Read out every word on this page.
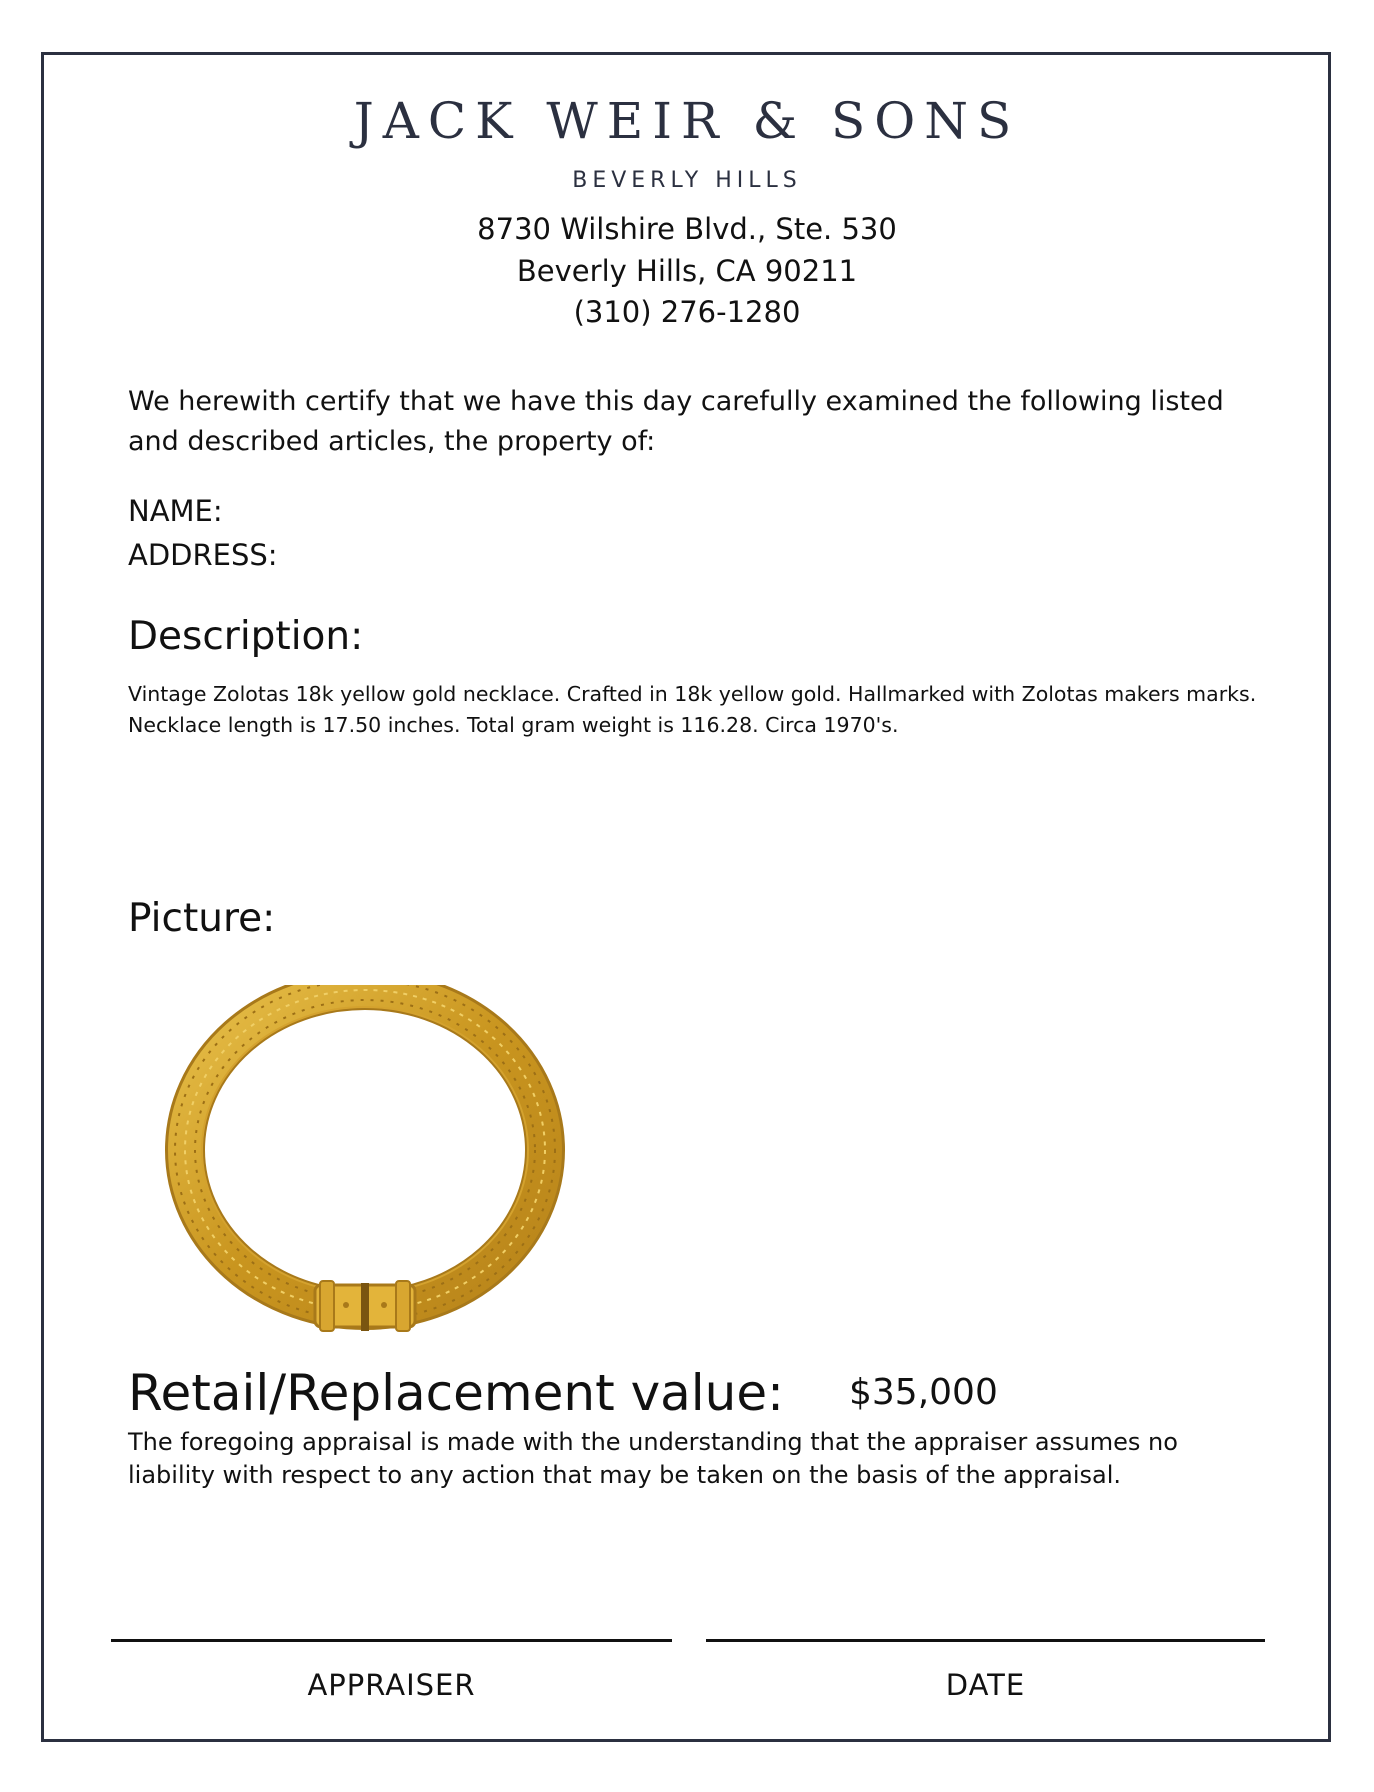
JACK WEIR & SONS
BEVERLY HILLS
8730 Wilshire Blvd., Ste. 530
Beverly Hills, CA 90211
(310) 276-1280
We herewith certify that we have this day carefully examined the following listed and described articles, the property of:
NAME:
ADDRESS:
Description:
Vintage Zolotas 18k yellow gold necklace. Crafted in 18k yellow gold. Hallmarked with Zolotas makers marks. Necklace length is 17.50 inches. Total gram weight is 116.28. Circa 1970's.
Picture:
Retail/Replacement value: $35,000
The foregoing appraisal is made with the understanding that the appraiser assumes no liability with respect to any action that may be taken on the basis of the appraisal.
APPRAISER	DATE
